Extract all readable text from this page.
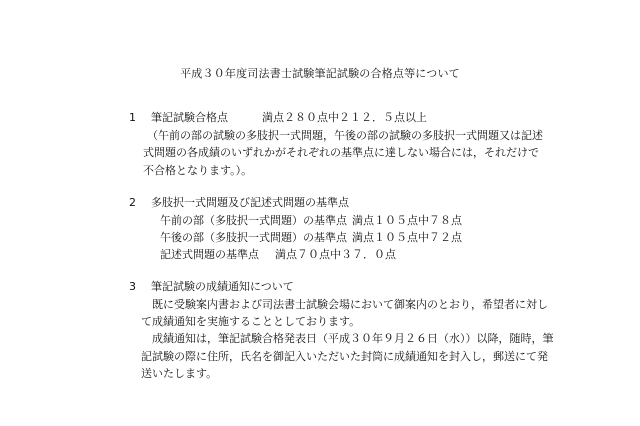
平成３０年度司法書士試験筆記試験の合格点等について
1 筆記試験合格点	満点２８０点中２１２．５点以上
（午前の部の試験の多肢択一式問題，午後の部の試験の多肢択一式問題又は記述
式問題の各成績のいずれかがそれぞれの基準点に達しない場合には，それだけで
不合格となります。）。
2 多肢択一式問題及び記述式問題の基準点
午前の部（多肢択一式問題）の基準点 満点１０５点中７８点
午後の部（多肢択一式問題）の基準点 満点１０５点中７２点
記述式問題の基準点 満点７０点中３７．０点
3 筆記試験の成績通知について
既に受験案内書および司法書士試験会場において御案内のとおり，希望者に対し
て成績通知を実施することとしております。
成績通知は，筆記試験合格発表日（平成３０年９月２６日（水））以降，随時，筆
記試験の際に住所，氏名を御記入いただいた封筒に成績通知を封入し，郵送にて発
送いたします。
